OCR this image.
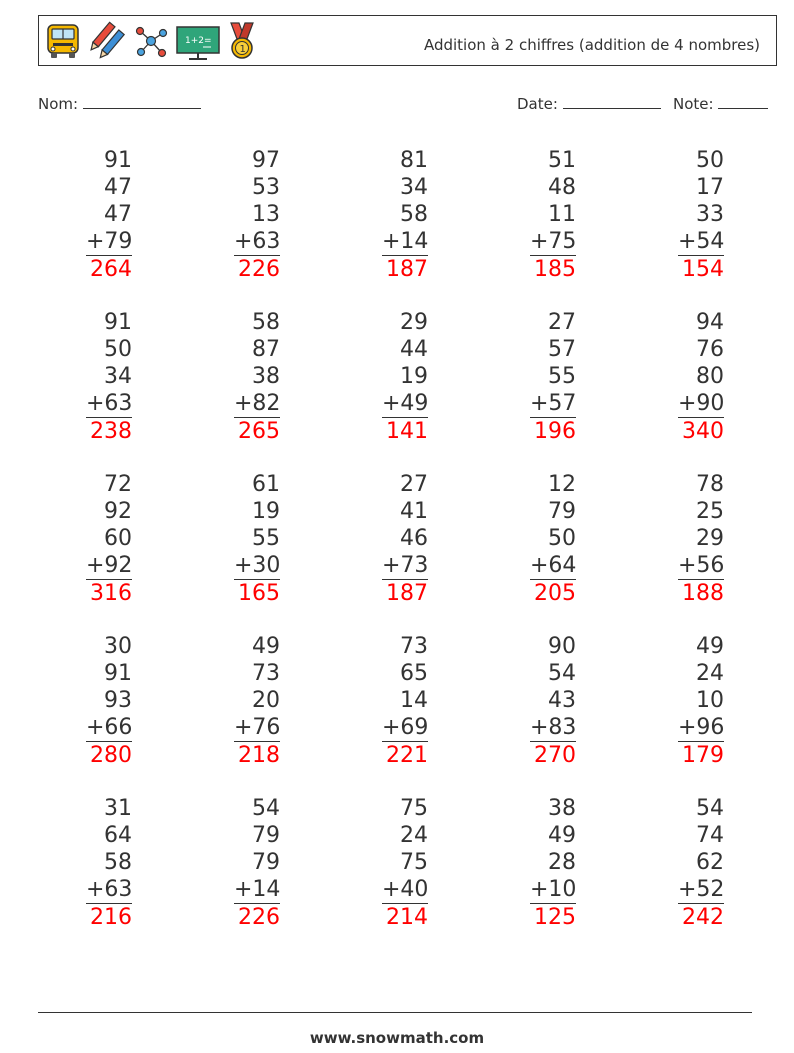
1+2=
1	Addition à 2 chiffres (addition de 4 nombres)
Nom:	Date:	Note:
91
47
47
+79
264
97
53
13
+63
226
81
34
58
+14
187
51
48
11
+75
185
50
17
33
+54
154
91
50
34
+63
238
58
87
38
+82
265
29
44
19
+49
141
27
57
55
+57
196
94
76
80
+90
340
72
92
60
+92
316
61
19
55
+30
165
27
41
46
+73
187
12
79
50
+64
205
78
25
29
+56
188
30
91
93
+66
280
49
73
20
+76
218
73
65
14
+69
221
90
54
43
+83
270
49
24
10
+96
179
31
64
58
+63
216
54
79
79
+14
226
75
24
75
+40
214
38
49
28
+10
125
54
74
62
+52
242
www.snowmath.com
